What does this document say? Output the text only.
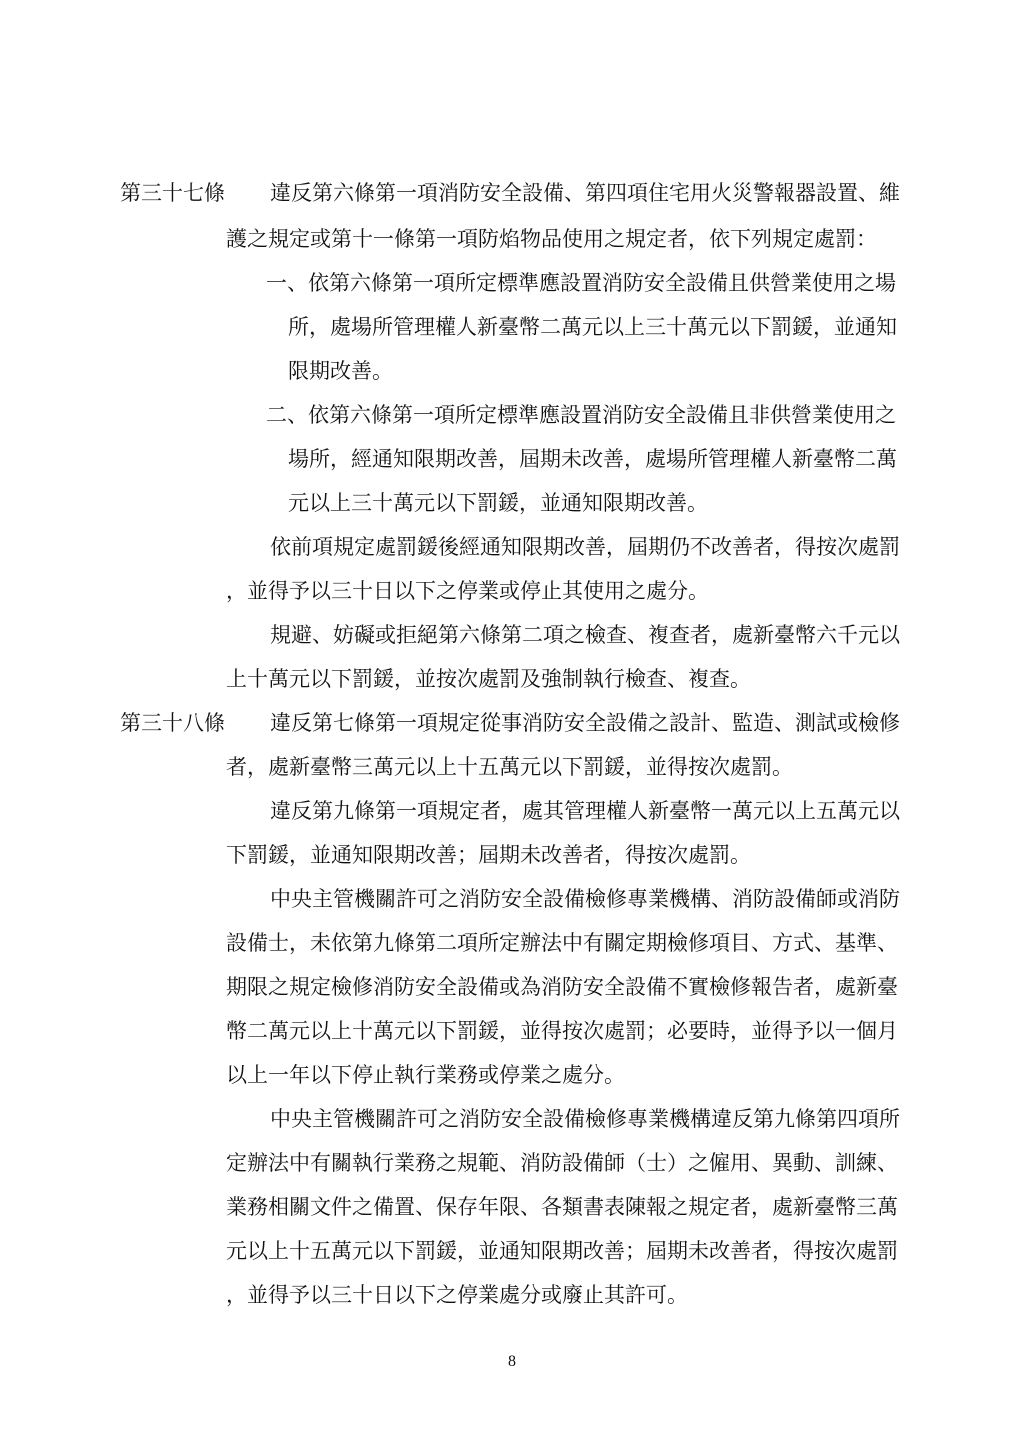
第三十七條 違反第六條第一項消防安全設備、第四項住宅用火災警報器設置、維
護之規定或第十一條第一項防焰物品使用之規定者，依下列規定處罰：
一、依第六條第一項所定標準應設置消防安全設備且供營業使用之場
所，處場所管理權人新臺幣二萬元以上三十萬元以下罰鍰，並通知
限期改善。
二、依第六條第一項所定標準應設置消防安全設備且非供營業使用之
場所，經通知限期改善，屆期未改善，處場所管理權人新臺幣二萬
元以上三十萬元以下罰鍰，並通知限期改善。
依前項規定處罰鍰後經通知限期改善，屆期仍不改善者，得按次處罰
，並得予以三十日以下之停業或停止其使用之處分。
規避、妨礙或拒絕第六條第二項之檢查、複查者，處新臺幣六千元以
上十萬元以下罰鍰，並按次處罰及強制執行檢查、複查。
第三十八條 違反第七條第一項規定從事消防安全設備之設計、監造、測試或檢修
者，處新臺幣三萬元以上十五萬元以下罰鍰，並得按次處罰。
違反第九條第一項規定者，處其管理權人新臺幣一萬元以上五萬元以
下罰鍰，並通知限期改善；屆期未改善者，得按次處罰。
中央主管機關許可之消防安全設備檢修專業機構、消防設備師或消防
設備士，未依第九條第二項所定辦法中有關定期檢修項目、方式、基準、
期限之規定檢修消防安全設備或為消防安全設備不實檢修報告者，處新臺
幣二萬元以上十萬元以下罰鍰，並得按次處罰；必要時，並得予以一個月
以上一年以下停止執行業務或停業之處分。
中央主管機關許可之消防安全設備檢修專業機構違反第九條第四項所
定辦法中有關執行業務之規範、消防設備師（士）之僱用、異動、訓練、
業務相關文件之備置、保存年限、各類書表陳報之規定者，處新臺幣三萬
元以上十五萬元以下罰鍰，並通知限期改善；屆期未改善者，得按次處罰
，並得予以三十日以下之停業處分或廢止其許可。
8
